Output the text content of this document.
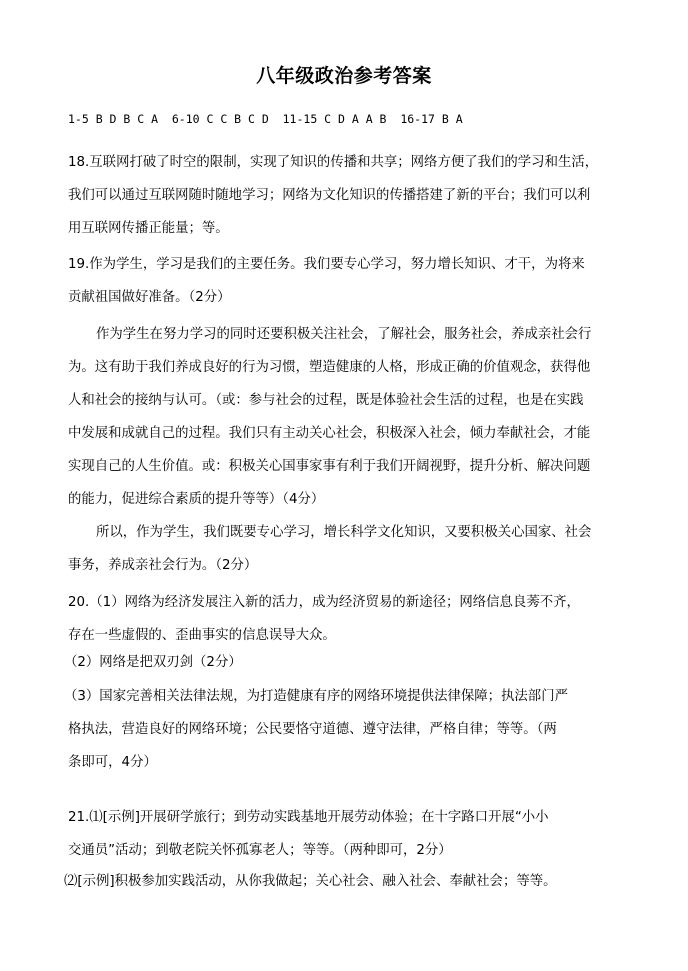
八年级政治参考答案
1-5 B D B C A  6-10 C C B C D  11-15 C D A A B  16-17 B A
18.互联网打破了时空的限制，实现了知识的传播和共享；网络方便了我们的学习和生活，
我们可以通过互联网随时随地学习；网络为文化知识的传播搭建了新的平台；我们可以利
用互联网传播正能量；等。
19.作为学生，学习是我们的主要任务。我们要专心学习，努力增长知识、才干，为将来
贡献祖国做好准备。（2分）
作为学生在努力学习的同时还要积极关注社会，了解社会，服务社会，养成亲社会行
为。这有助于我们养成良好的行为习惯，塑造健康的人格，形成正确的价值观念，获得他
人和社会的接纳与认可。（或：参与社会的过程，既是体验社会生活的过程，也是在实践
中发展和成就自己的过程。我们只有主动关心社会，积极深入社会，倾力奉献社会，才能
实现自己的人生价值。或：积极关心国事家事有利于我们开阔视野，提升分析、解决问题
的能力，促进综合素质的提升等等）（4分）
所以，作为学生，我们既要专心学习，增长科学文化知识，又要积极关心国家、社会
事务，养成亲社会行为。（2分）
20.（1）网络为经济发展注入新的活力，成为经济贸易的新途径；网络信息良莠不齐，
存在一些虚假的、歪曲事实的信息误导大众。
（2）网络是把双刃剑（2分）
（3）国家完善相关法律法规，为打造健康有序的网络环境提供法律保障；执法部门严
格执法，营造良好的网络环境；公民要恪守道德、遵守法律，严格自律；等等。（两
条即可，4分）
21.⑴[示例]开展研学旅行；到劳动实践基地开展劳动体验；在十字路口开展“小小
交通员”活动；到敬老院关怀孤寡老人；等等。（两种即可，2分）
⑵[示例]积极参加实践活动，从你我做起；关心社会、融入社会、奉献社会；等等。
